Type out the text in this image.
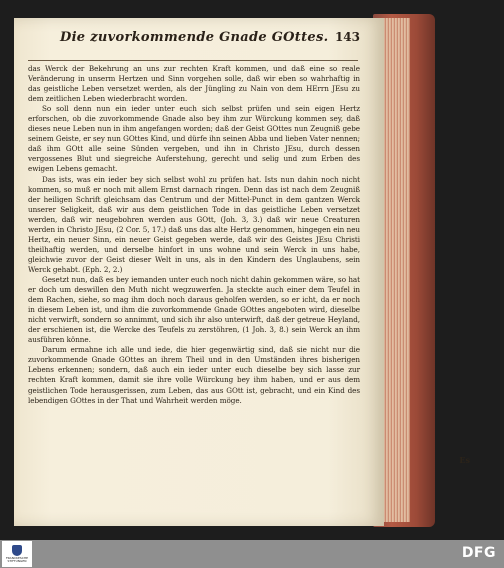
Die zuvorkommende Gnade GOttes. 143

das Werck der Bekehrung an uns zur rechten Kraft kommen, und daß eine so reale Veränderung in unserm Hertzen und Sinn vorgehen solle, daß wir eben so wahrhaftig in das geistliche Leben versetzet werden, als der Jüngling zu Nain von dem HErrn JEsu zu dem zeitlichen Leben wiederbracht worden.

So soll denn nun ein ieder unter euch sich selbst prüfen und sein eigen Hertz erforschen, ob die zuvorkommende Gnade also bey ihm zur Würckung kommen sey, daß dieses neue Leben nun in ihm angefangen worden; daß der Geist GOttes nun Zeugniß gebe seinem Geiste, er sey nun GOttes Kind, und dürfe ihn seinen Abba und lieben Vater nennen; daß ihm GOtt alle seine Sünden vergeben, und ihn in Christo JEsu, durch dessen vergossenes Blut und siegreiche Auferstehung, gerecht und selig und zum Erben des ewigen Lebens gemacht.

Das ists, was ein ieder bey sich selbst wohl zu prüfen hat. Ists nun dahin noch nicht kommen, so muß er noch mit allem Ernst darnach ringen. Denn das ist nach dem Zeugniß der heiligen Schrift gleichsam das Centrum und der Mittel-Punct in dem gantzen Werck unserer Seligkeit, daß wir aus dem geistlichen Tode in das geistliche Leben versetzet werden, daß wir neugebohren werden aus GOtt, (Joh. 3, 3.) daß wir neue Creaturen werden in Christo JEsu, (2 Cor. 5, 17.) daß uns das alte Hertz genommen, hingegen ein neu Hertz, ein neuer Sinn, ein neuer Geist gegeben werde, daß wir des Geistes JEsu Christi theilhaftig werden, und derselbe hinfort in uns wohne und sein Werck in uns habe, gleichwie zuvor der Geist dieser Welt in uns, als in den Kindern des Unglaubens, sein Werck gehabt. (Eph. 2, 2.)

Gesetzt nun, daß es bey iemanden unter euch noch nicht dahin gekommen wäre, so hat er doch um deswillen den Muth nicht wegzuwerfen. Ja steckte auch einer dem Teufel in dem Rachen, siehe, so mag ihm doch noch daraus geholfen werden, so er icht, da er noch in diesem Leben ist, und ihm die zuvorkommende Gnade GOttes angeboten wird, dieselbe nicht verwirft, sondern so annimmt, und sich ihr also unterwirft, daß der getreue Heyland, der erschienen ist, die Wercke des Teufels zu zerstöhren, (1 Joh. 3, 8.) sein Werck an ihm ausführen könne.

Darum ermahne ich alle und iede, die hier gegenwärtig sind, daß sie nicht nur die zuvorkommende Gnade GOttes an ihrem Theil und in den Umständen ihres bisherigen Lebens erkennen; sondern, daß auch ein ieder unter euch dieselbe bey sich lasse zur rechten Kraft kommen, damit sie ihre volle Würckung bey ihm haben, und er aus dem geistlichen Tode herausgerissen, zum Leben, das aus GOtt ist, gebracht, und ein Kind des lebendigen GOttes in der That und Wahrheit werden möge.

Es
FRANCKESCHE STIFTUNGEN	DFG
